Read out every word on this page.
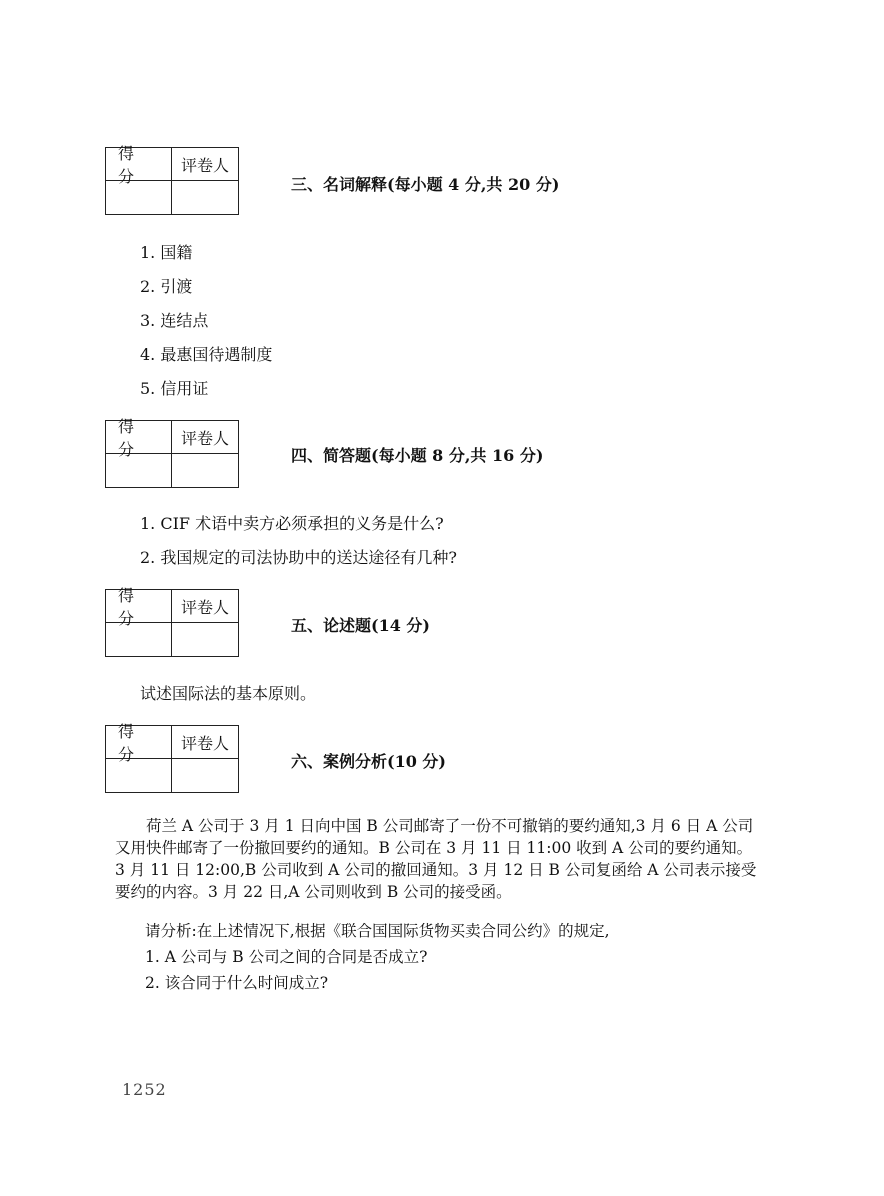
得 分
评卷人
三、名词解释(每小题 4 分,共 20 分)
1. 国籍
2. 引渡
3. 连结点
4. 最惠国待遇制度
5. 信用证
得 分
评卷人
四、简答题(每小题 8 分,共 16 分)
1. CIF 术语中卖方必须承担的义务是什么?
2. 我国规定的司法协助中的送达途径有几种?
得 分
评卷人
五、论述题(14 分)
试述国际法的基本原则。
得 分
评卷人
六、案例分析(10 分)
荷兰 A 公司于 3 月 1 日向中国 B 公司邮寄了一份不可撤销的要约通知,3 月 6 日 A 公司
又用快件邮寄了一份撤回要约的通知。B 公司在 3 月 11 日 11:00 收到 A 公司的要约通知。
3 月 11 日 12:00,B 公司收到 A 公司的撤回通知。3 月 12 日 B 公司复函给 A 公司表示接受
要约的内容。3 月 22 日,A 公司则收到 B 公司的接受函。
请分析:在上述情况下,根据《联合国国际货物买卖合同公约》的规定,
1. A 公司与 B 公司之间的合同是否成立?
2. 该合同于什么时间成立?
1252
